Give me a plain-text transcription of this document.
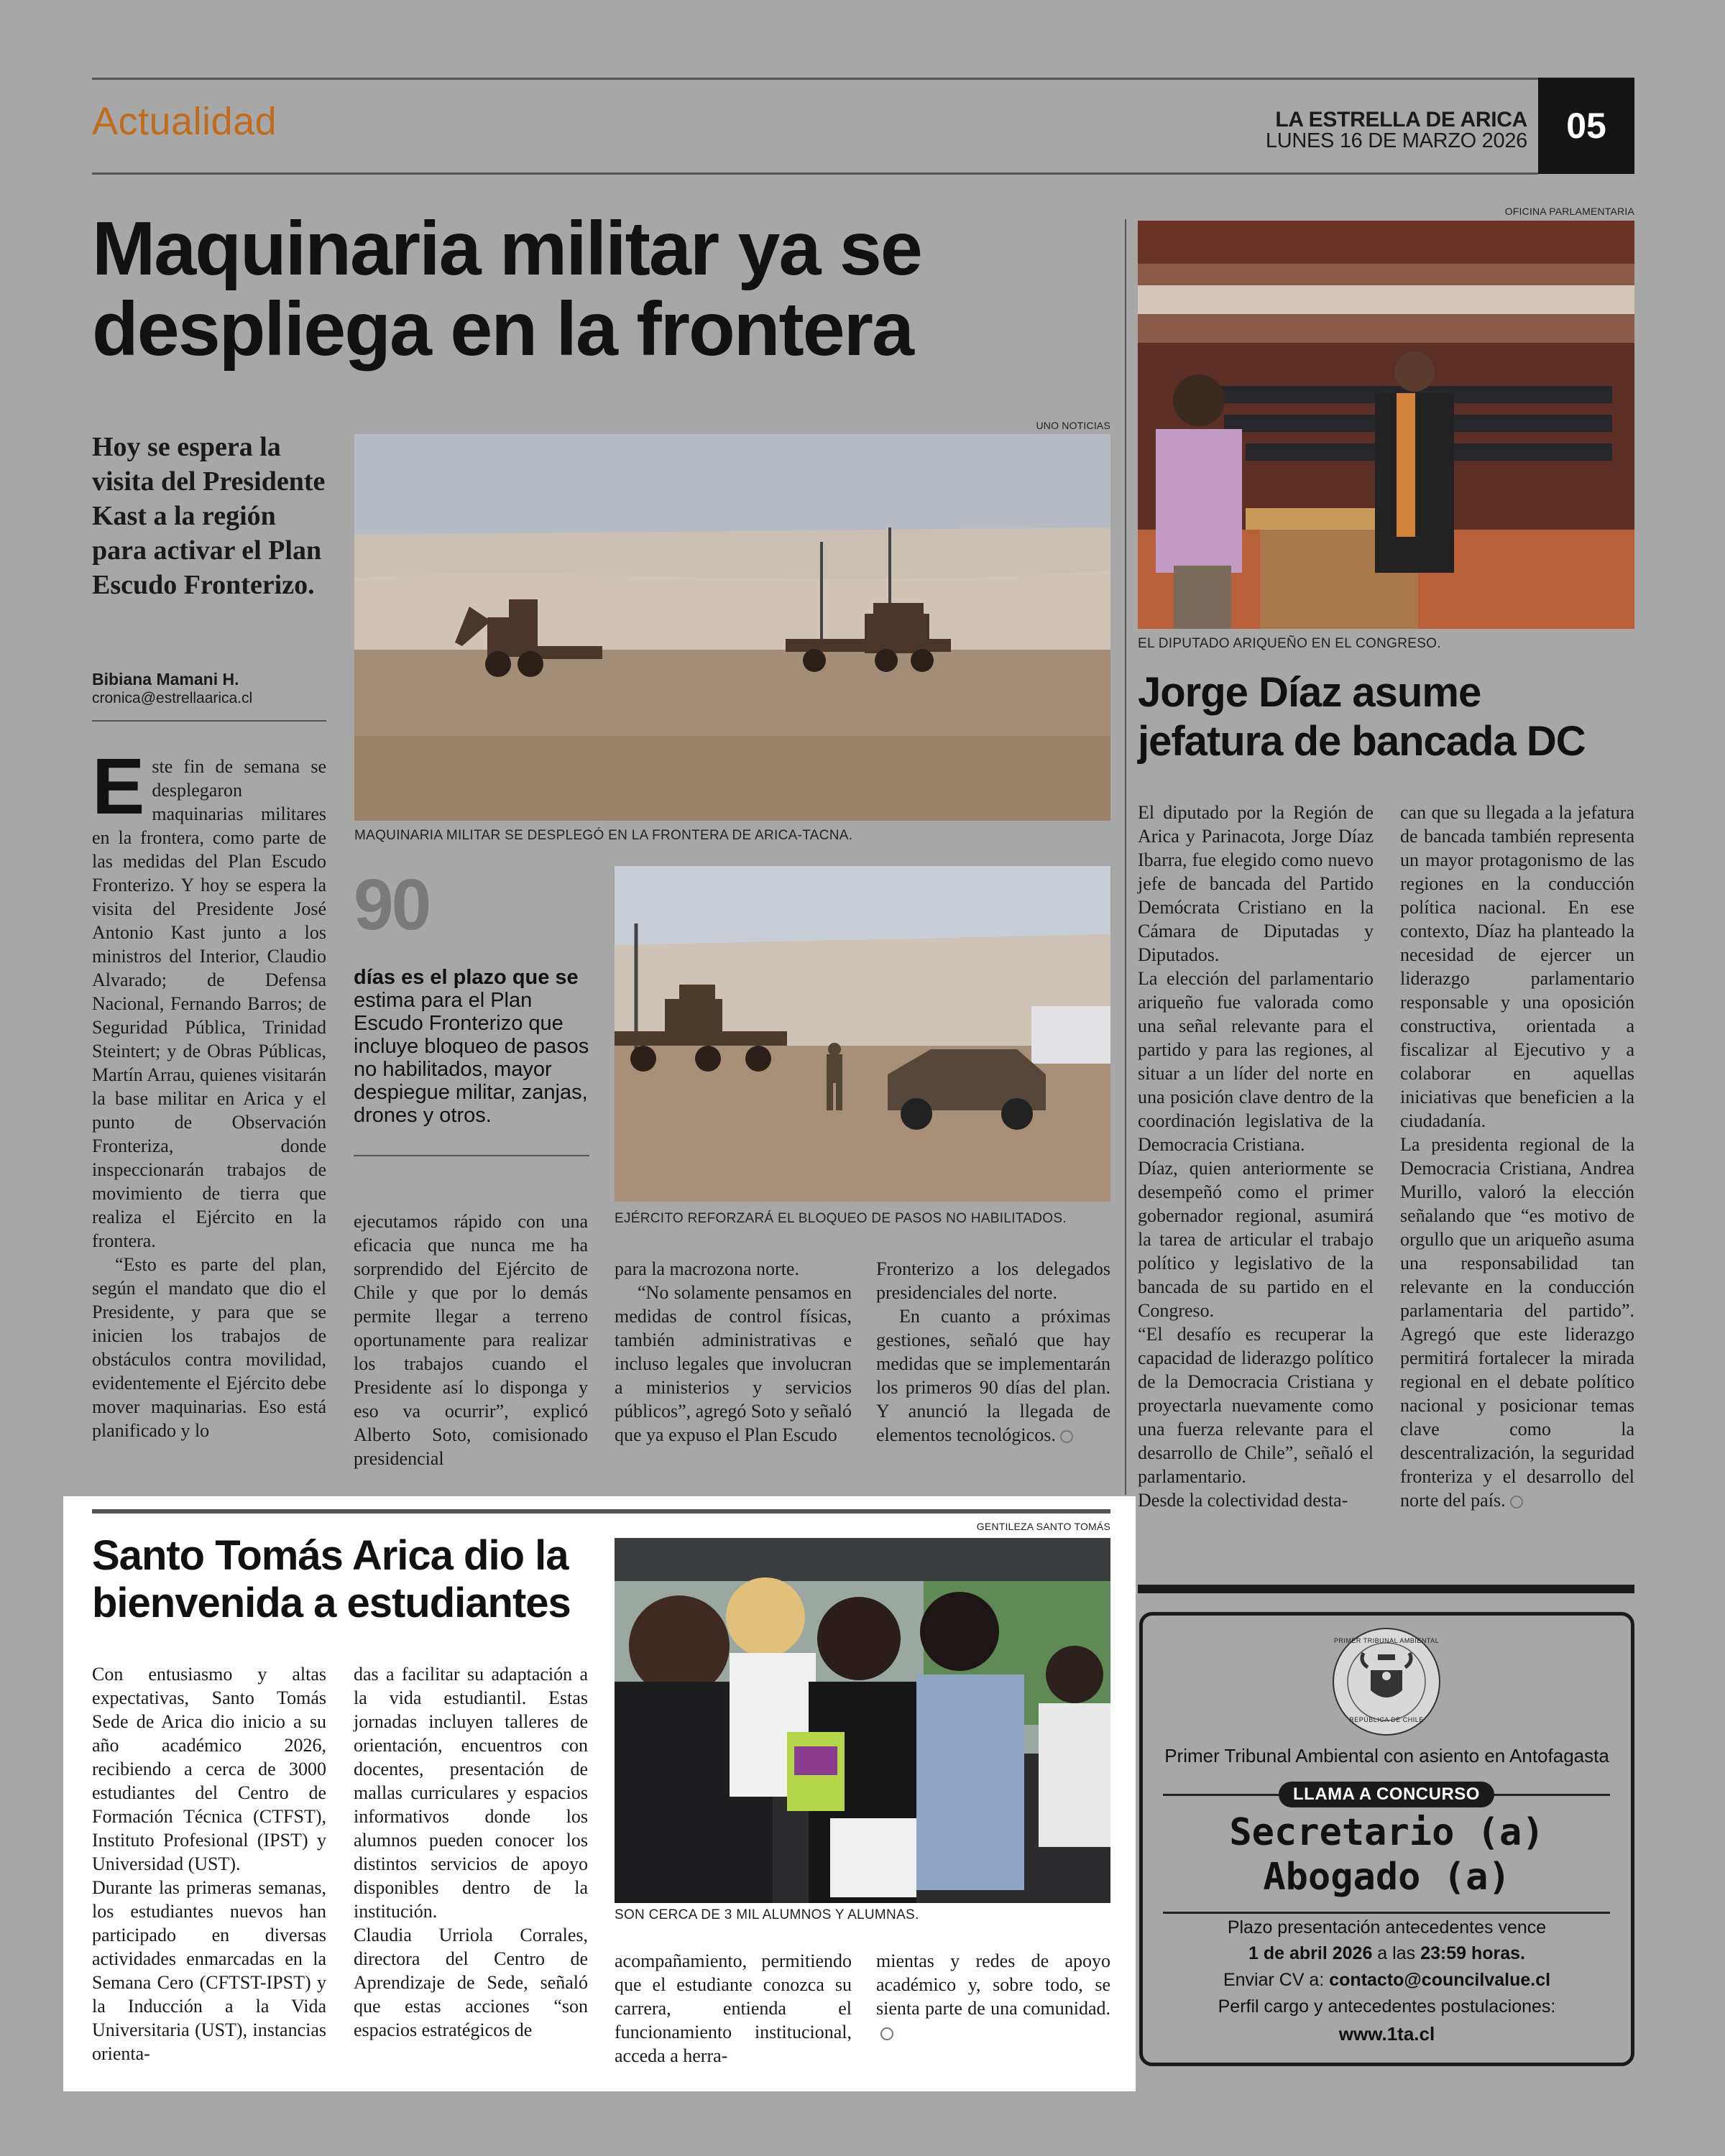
Actualidad	LA ESTRELLA DE ARICA
LUNES 16 DE MARZO 2026 05
Maquinaria militar ya se despliega en la frontera
Hoy se espera la visita del Presidente Kast a la región para activar el Plan Escudo Fronterizo.
Bibiana Mamani H.
cronica@estrellaarica.cl
UNO NOTICIAS
MAQUINARIA MILITAR SE DESPLEGÓ EN LA FRONTERA DE ARICA-TACNA.
90
días es el plazo que se estima para el Plan Escudo Fronterizo que incluye bloqueo de pasos no habilitados, mayor despiegue militar, zanjas, drones y otros.
EJÉRCITO REFORZARÁ EL BLOQUEO DE PASOS NO HABILITADOS.
E ste fin de semana se desplegaron maquinarias militares en la frontera, como parte de las medidas del Plan Escudo Fronterizo. Y hoy se espera la visita del Presidente José Antonio Kast junto a los ministros del Interior, Claudio Alvarado; de Defensa Nacional, Fernando Barros; de Seguridad Pública, Trinidad Steintert; y de Obras Públicas, Martín Arrau, quienes visitarán la base militar en Arica y el punto de Observación Fronteriza, donde inspeccionarán trabajos de movimiento de tierra que realiza el Ejército en la frontera.

“Esto es parte del plan, según el mandato que dio el Presidente, y para que se inicien los trabajos de obstáculos contra movilidad, evidentemente el Ejército debe mover maquinarias. Eso está planificado y lo

ejecutamos rápido con una eficacia que nunca me ha sorprendido del Ejército de Chile y que por lo demás permite llegar a terreno oportunamente para realizar los trabajos cuando el Presidente así lo disponga y eso va ocurrir”, explicó Alberto Soto, comisionado presidencial

para la macrozona norte.

“No solamente pensamos en medidas de control físicas, también administrativas e incluso legales que involucran a ministerios y servicios públicos”, agregó Soto y señaló que ya expuso el Plan Escudo

Fronterizo a los delegados presidenciales del norte.

En cuanto a próximas gestiones, señaló que hay medidas que se implementarán los primeros 90 días del plan. Y anunció la llegada de elementos tecnológicos.

OFICINA PARLAMENTARIA
EL DIPUTADO ARIQUEÑO EN EL CONGRESO.
Jorge Díaz asume jefatura de bancada DC

El diputado por la Región de Arica y Parinacota, Jorge Díaz Ibarra, fue elegido como nuevo jefe de bancada del Partido Demócrata Cristiano en la Cámara de Diputadas y Diputados.

La elección del parlamentario ariqueño fue valorada como una señal relevante para el partido y para las regiones, al situar a un líder del norte en una posición clave dentro de la coordinación legislativa de la Democracia Cristiana.

Díaz, quien anteriormente se desempeñó como el primer gobernador regional, asumirá la tarea de articular el trabajo político y legislativo de la bancada de su partido en el Congreso.

“El desafío es recuperar la capacidad de liderazgo político de la Democracia Cristiana y proyectarla nuevamente como una fuerza relevante para el desarrollo de Chile”, señaló el parlamentario.

Desde la colectividad desta-

can que su llegada a la jefatura de bancada también representa un mayor protagonismo de las regiones en la conducción política nacional. En ese contexto, Díaz ha planteado la necesidad de ejercer un liderazgo parlamentario responsable y una oposición constructiva, orientada a fiscalizar al Ejecutivo y a colaborar en aquellas iniciativas que beneficien a la ciudadanía.

La presidenta regional de la Democracia Cristiana, Andrea Murillo, valoró la elección señalando que “es motivo de orgullo que un ariqueño asuma una responsabilidad tan relevante en la conducción parlamentaria del partido”. Agregó que este liderazgo permitirá fortalecer la mirada regional en el debate político nacional y posicionar temas clave como la descentralización, la seguridad fronteriza y el desarrollo del norte del país.

Santo Tomás Arica dio la bienvenida a estudiantes
GENTILEZA SANTO TOMÁS
SON CERCA DE 3 MIL ALUMNOS Y ALUMNAS.

Con entusiasmo y altas expectativas, Santo Tomás Sede de Arica dio inicio a su año académico 2026, recibiendo a cerca de 3000 estudiantes del Centro de Formación Técnica (CTFST), Instituto Profesional (IPST) y Universidad (UST).

Durante las primeras semanas, los estudiantes nuevos han participado en diversas actividades enmarcadas en la Semana Cero (CFTST-IPST) y la Inducción a la Vida Universitaria (UST), instancias orienta-

das a facilitar su adaptación a la vida estudiantil. Estas jornadas incluyen talleres de orientación, encuentros con docentes, presentación de mallas curriculares y espacios informativos donde los alumnos pueden conocer los distintos servicios de apoyo disponibles dentro de la institución.

Claudia Urriola Corrales, directora del Centro de Aprendizaje de Sede, señaló que estas acciones “son espacios estratégicos de

acompañamiento, permitiendo que el estudiante conozca su carrera, entienda el funcionamiento institucional, acceda a herra-

mientas y redes de apoyo académico y, sobre todo, se sienta parte de una comunidad.

PRIMER TRIBUNAL AMBIENTAL
REPÚBLICA DE CHILE
Primer Tribunal Ambiental con asiento en Antofagasta
LLAMA A CONCURSO
Secretario (a)
Abogado (a)
Plazo presentación antecedentes vence
1 de abril 2026 a las 23:59 horas.
Enviar CV a: contacto@councilvalue.cl
Perfil cargo y antecedentes postulaciones:
www.1ta.cl
